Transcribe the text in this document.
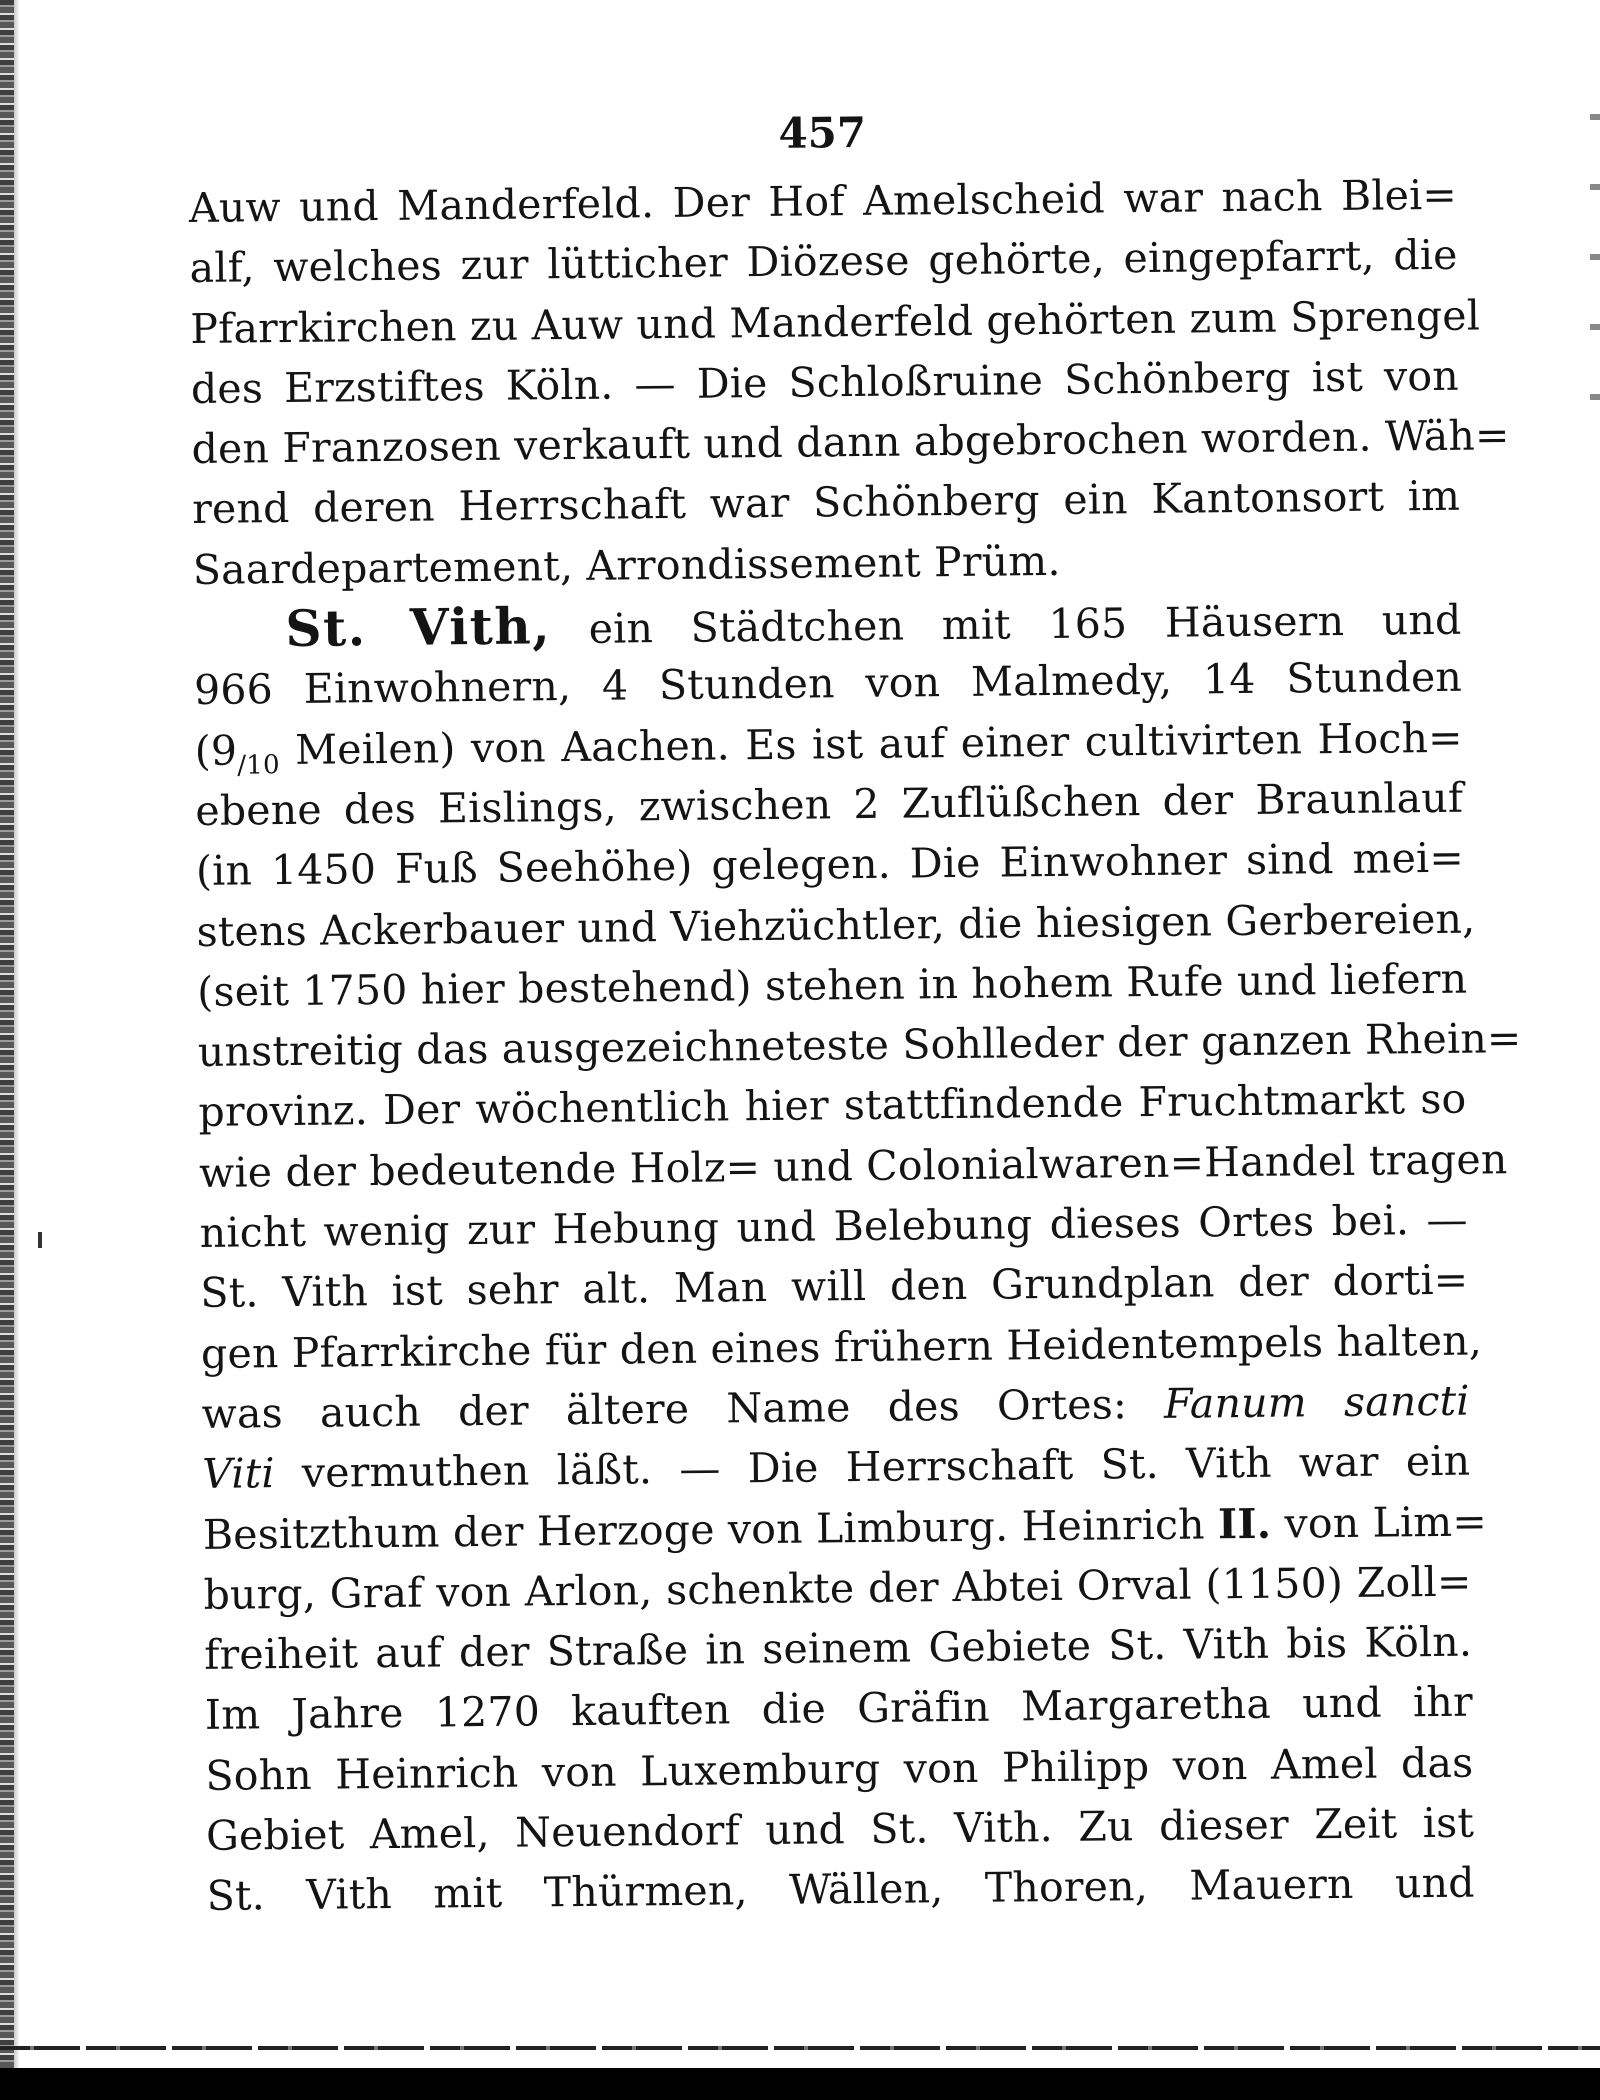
457
Auw und Manderfeld. Der Hof Amelscheid war nach Blei=
alf, welches zur lütticher Diözese gehörte, eingepfarrt, die
Pfarrkirchen zu Auw und Manderfeld gehörten zum Sprengel
des Erzstiftes Köln. — Die Schloßruine Schönberg ist von
den Franzosen verkauft und dann abgebrochen worden. Wäh=
rend deren Herrschaft war Schönberg ein Kantonsort im
Saardepartement, Arrondissement Prüm.
St. Vith, ein Städtchen mit 165 Häusern und
966 Einwohnern, 4 Stunden von Malmedy, 14 Stunden
($9_{/10}$ Meilen) von Aachen. Es ist auf einer cultivirten Hoch=
ebene des Eislings, zwischen 2 Zuflüßchen der Braunlauf
(in 1450 Fuß Seehöhe) gelegen. Die Einwohner sind mei=
stens Ackerbauer und Viehzüchtler, die hiesigen Gerbereien,
(seit 1750 hier bestehend) stehen in hohem Rufe und liefern
unstreitig das ausgezeichneteste Sohlleder der ganzen Rhein=
provinz. Der wöchentlich hier stattfindende Fruchtmarkt so
wie der bedeutende Holz= und Colonialwaren=Handel tragen
nicht wenig zur Hebung und Belebung dieses Ortes bei. —
St. Vith ist sehr alt. Man will den Grundplan der dorti=
gen Pfarrkirche für den eines frühern Heidentempels halten,
was auch der ältere Name des Ortes: Fanum sancti
Viti vermuthen läßt. — Die Herrschaft St. Vith war ein
Besitzthum der Herzoge von Limburg. Heinrich II. von Lim=
burg, Graf von Arlon, schenkte der Abtei Orval (1150) Zoll=
freiheit auf der Straße in seinem Gebiete St. Vith bis Köln.
Im Jahre 1270 kauften die Gräfin Margaretha und ihr
Sohn Heinrich von Luxemburg von Philipp von Amel das
Gebiet Amel, Neuendorf und St. Vith. Zu dieser Zeit ist
St. Vith mit Thürmen, Wällen, Thoren, Mauern und
